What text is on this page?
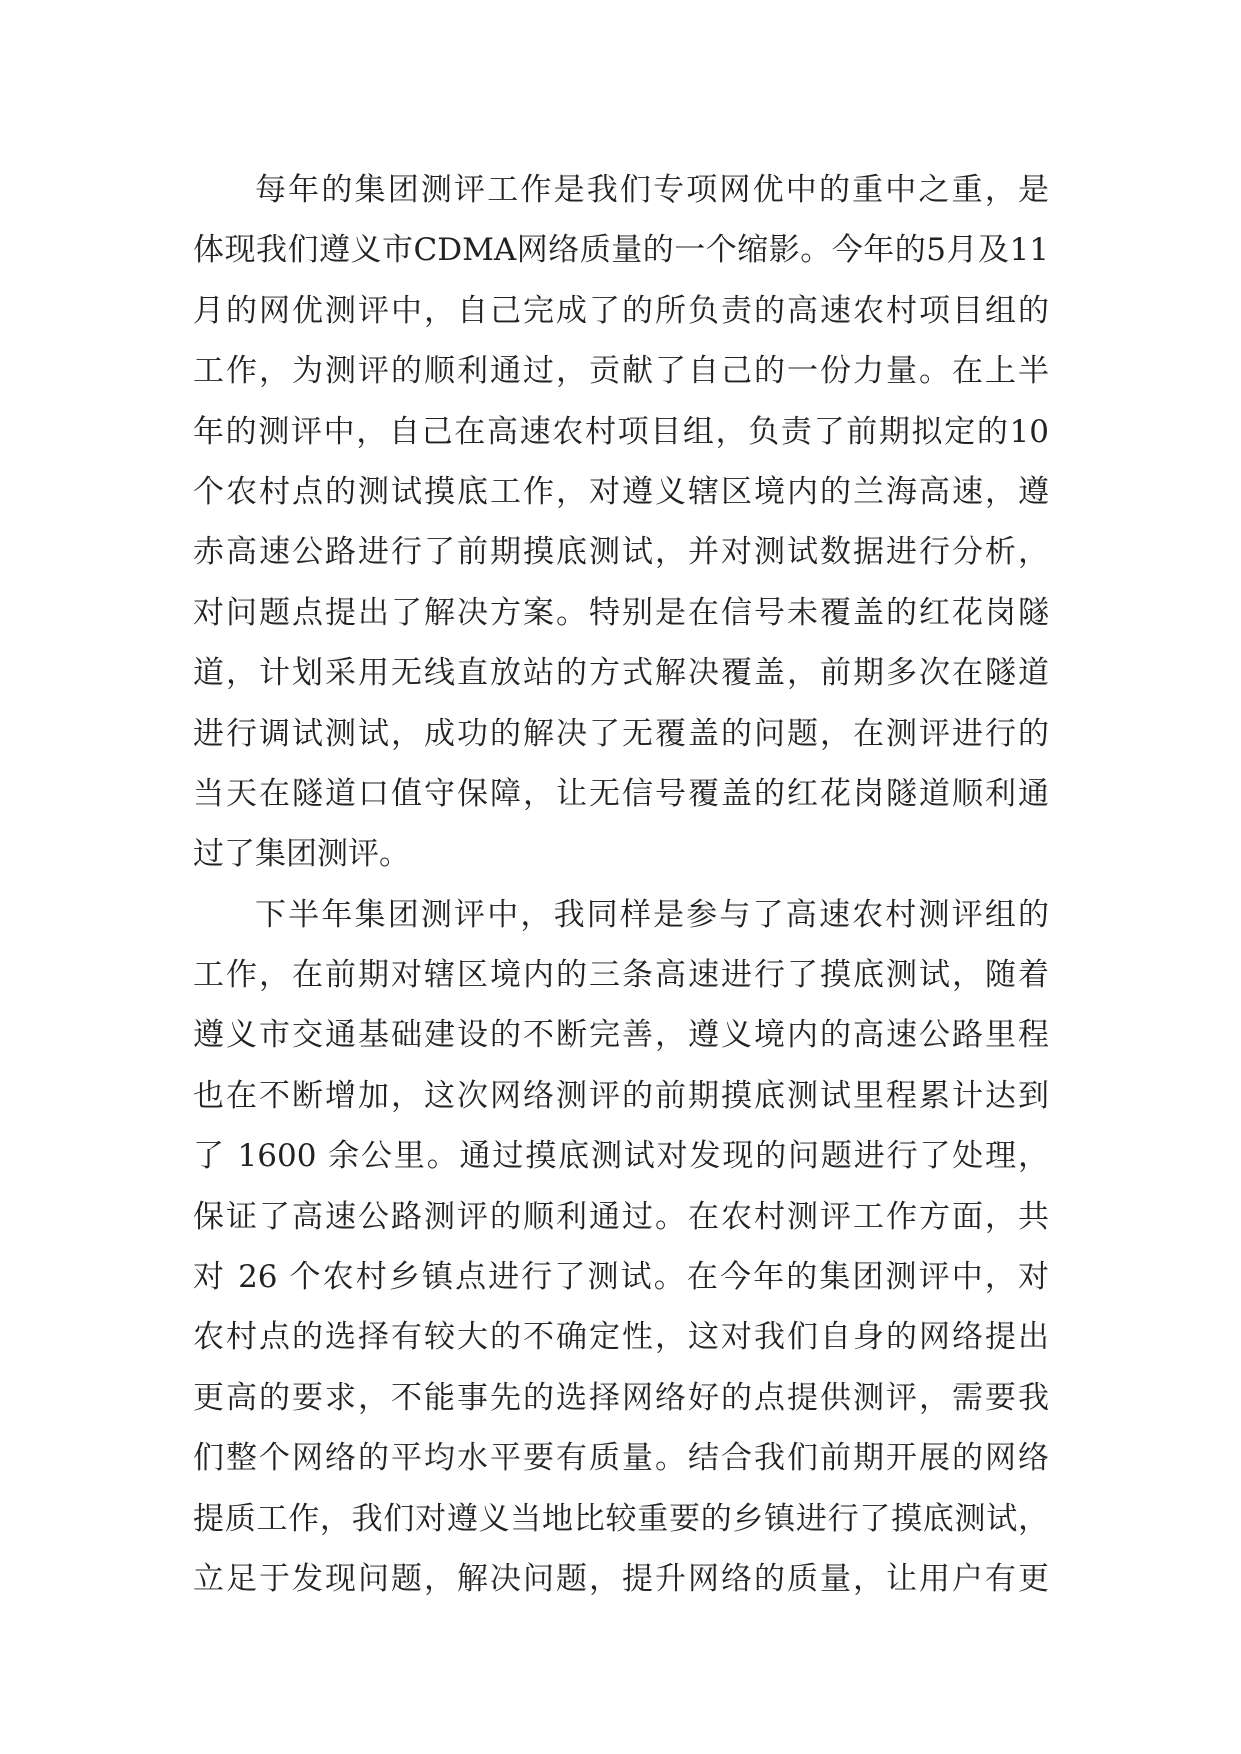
每年的集团测评工作是我们专项网优中的重中之重，是
体现我们遵义市CDMA网络质量的一个缩影。今年的5月及11
月的网优测评中，自己完成了的所负责的高速农村项目组的
工作，为测评的顺利通过，贡献了自己的一份力量。在上半
年的测评中，自己在高速农村项目组，负责了前期拟定的10
个农村点的测试摸底工作，对遵义辖区境内的兰海高速，遵
赤高速公路进行了前期摸底测试，并对测试数据进行分析，
对问题点提出了解决方案。特别是在信号未覆盖的红花岗隧
道，计划采用无线直放站的方式解决覆盖，前期多次在隧道
进行调试测试，成功的解决了无覆盖的问题，在测评进行的
当天在隧道口值守保障，让无信号覆盖的红花岗隧道顺利通
过了集团测评。
下半年集团测评中，我同样是参与了高速农村测评组的
工作，在前期对辖区境内的三条高速进行了摸底测试，随着
遵义市交通基础建设的不断完善，遵义境内的高速公路里程
也在不断增加，这次网络测评的前期摸底测试里程累计达到
了 1600 余公里。通过摸底测试对发现的问题进行了处理，
保证了高速公路测评的顺利通过。在农村测评工作方面，共
对 26 个农村乡镇点进行了测试。在今年的集团测评中，对
农村点的选择有较大的不确定性，这对我们自身的网络提出
更高的要求，不能事先的选择网络好的点提供测评，需要我
们整个网络的平均水平要有质量。结合我们前期开展的网络
提质工作，我们对遵义当地比较重要的乡镇进行了摸底测试，
立足于发现问题，解决问题，提升网络的质量，让用户有更
